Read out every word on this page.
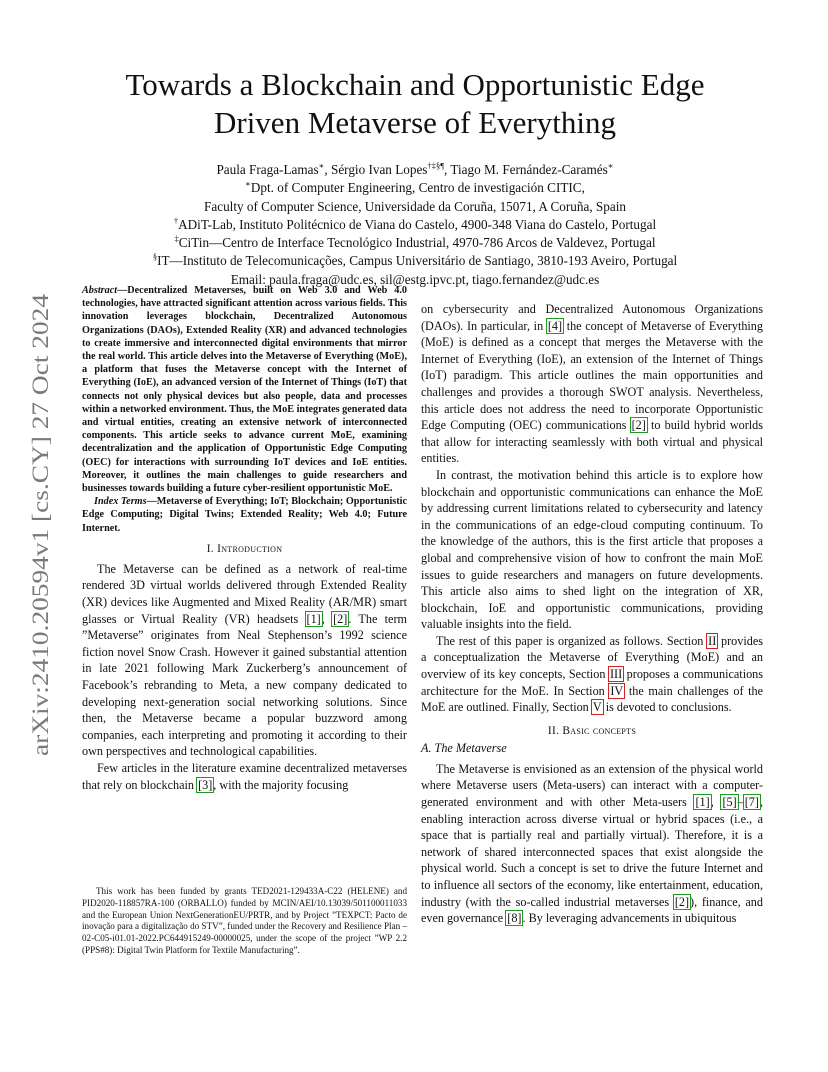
arXiv:2410.20594v1 [cs.CY] 27 Oct 2024
Towards a Blockchain and Opportunistic Edge
Driven Metaverse of Everything
Paula Fraga-Lamas∗, Sérgio Ivan Lopes†‡§¶, Tiago M. Fernández-Caramés∗
∗Dpt. of Computer Engineering, Centro de investigación CITIC,
Faculty of Computer Science, Universidade da Coruña, 15071, A Coruña, Spain
†ADiT-Lab, Instituto Politécnico de Viana do Castelo, 4900-348 Viana do Castelo, Portugal
‡CiTin—Centro de Interface Tecnológico Industrial, 4970-786 Arcos de Valdevez, Portugal
§IT—Instituto de Telecomunicações, Campus Universitário de Santiago, 3810-193 Aveiro, Portugal
Email: paula.fraga@udc.es, sil@estg.ipvc.pt, tiago.fernandez@udc.es

Abstract—Decentralized Metaverses, built on Web 3.0 and Web 4.0 technologies, have attracted significant attention across various fields. This innovation leverages blockchain, Decentralized Autonomous Organizations (DAOs), Extended Reality (XR) and advanced technologies to create immersive and interconnected digital environments that mirror the real world. This article delves into the Metaverse of Everything (MoE), a platform that fuses the Metaverse concept with the Internet of Everything (IoE), an advanced version of the Internet of Things (IoT) that connects not only physical devices but also people, data and processes within a networked environment. Thus, the MoE integrates generated data and virtual entities, creating an extensive network of interconnected components. This article seeks to advance current MoE, examining decentralization and the application of Opportunistic Edge Computing (OEC) for interactions with surrounding IoT devices and IoE entities. Moreover, it outlines the main challenges to guide researchers and businesses towards building a future cyber-resilient opportunistic MoE.

Index Terms—Metaverse of Everything; IoT; Blockchain; Opportunistic Edge Computing; Digital Twins; Extended Reality; Web 4.0; Future Internet.

I. Introduction

The Metaverse can be defined as a network of real-time rendered 3D virtual worlds delivered through Extended Reality (XR) devices like Augmented and Mixed Reality (AR/MR) smart glasses or Virtual Reality (VR) headsets [1], [2]. The term ”Metaverse” originates from Neal Stephenson’s 1992 science fiction novel Snow Crash. However it gained substantial attention in late 2021 following Mark Zuckerberg’s announcement of Facebook’s rebranding to Meta, a new company dedicated to developing next-generation social networking solutions. Since then, the Metaverse became a popular buzzword among companies, each interpreting and promoting it according to their own perspectives and technological capabilities.

Few articles in the literature examine decentralized metaverses that rely on blockchain [3], with the majority focusing

This work has been funded by grants TED2021-129433A-C22 (HELENE) and PID2020-118857RA-100 (ORBALLO) funded by MCIN/AEI/10.13039/501100011033 and the European Union NextGenerationEU/PRTR, and by Project ”TEXPCT: Pacto de inovação para a digitalização do STV”, funded under the Recovery and Resilience Plan – 02-C05-i01.01-2022.PC644915249-00000025, under the scope of the project ”WP 2.2 (PPS#8): Digital Twin Platform for Textile Manufacturing”.

on cybersecurity and Decentralized Autonomous Organizations (DAOs). In particular, in [4] the concept of Metaverse of Everything (MoE) is defined as a concept that merges the Metaverse with the Internet of Everything (IoE), an extension of the Internet of Things (IoT) paradigm. This article outlines the main opportunities and challenges and provides a thorough SWOT analysis. Nevertheless, this article does not address the need to incorporate Opportunistic Edge Computing (OEC) communications [2] to build hybrid worlds that allow for interacting seamlessly with both virtual and physical entities.

In contrast, the motivation behind this article is to explore how blockchain and opportunistic communications can enhance the MoE by addressing current limitations related to cybersecurity and latency in the communications of an edge-cloud computing continuum. To the knowledge of the authors, this is the first article that proposes a global and comprehensive vision of how to confront the main MoE issues to guide researchers and managers on future developments. This article also aims to shed light on the integration of XR, blockchain, IoE and opportunistic communications, providing valuable insights into the field.

The rest of this paper is organized as follows. Section II provides a conceptualization the Metaverse of Everything (MoE) and an overview of its key concepts, Section III proposes a communications architecture for the MoE. In Section IV the main challenges of the MoE are outlined. Finally, Section V is devoted to conclusions.

II. Basic concepts
A. The Metaverse

The Metaverse is envisioned as an extension of the physical world where Metaverse users (Meta-users) can interact with a computer-generated environment and with other Meta-users [1], [5]–[7], enabling interaction across diverse virtual or hybrid spaces (i.e., a space that is partially real and partially virtual). Therefore, it is a network of shared interconnected spaces that exist alongside the physical world. Such a concept is set to drive the future Internet and to influence all sectors of the economy, like entertainment, education, industry (with the so-called industrial metaverses [2]), finance, and even governance [8]. By leveraging advancements in ubiquitous
